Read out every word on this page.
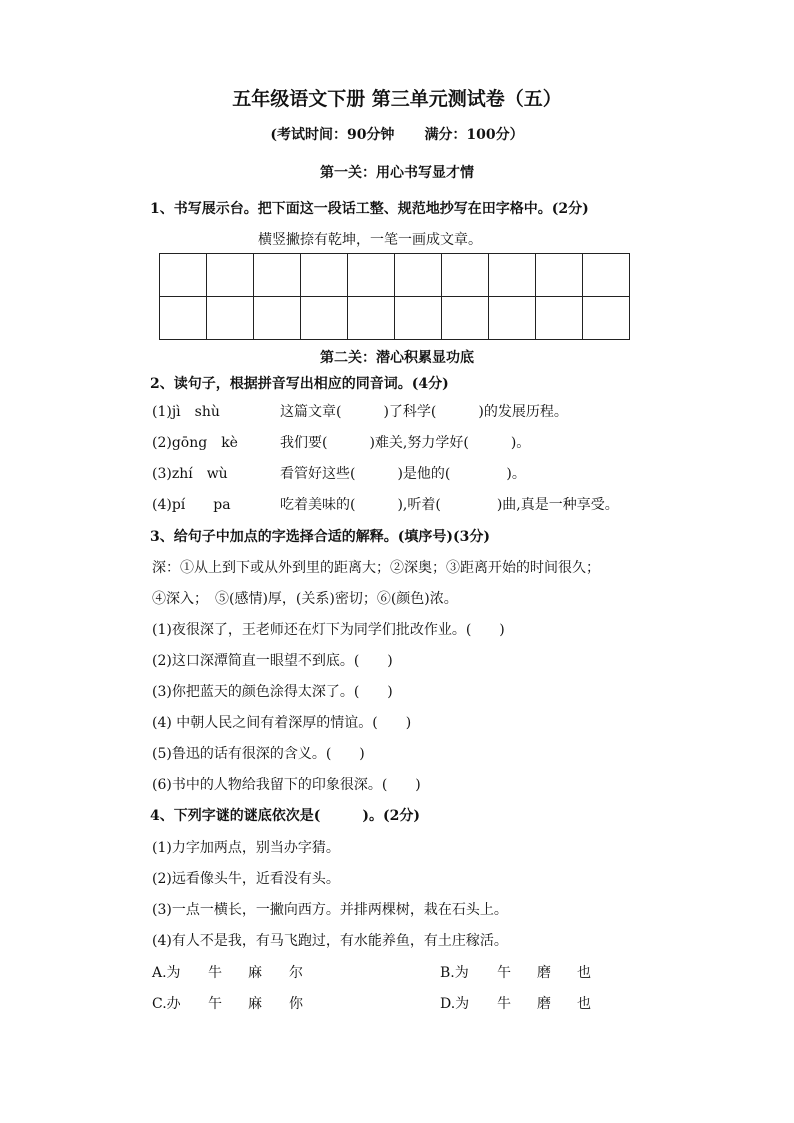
五年级语文下册 第三单元测试卷（五）
(考试时间：90分钟 满分：100分）
第一关：用心书写显才情
1、书写展示台。把下面这一段话工整、规范地抄写在田字格中。(2分)
横竖撇捺有乾坤，一笔一画成文章。

第二关：潜心积累显功底
2、读句子，根据拼音写出相应的同音词。(4分)
(1)jì　shù	这篇文章(　　　)了科学(　　　)的发展历程。
(2)gōng　kè	我们要(　　　)难关,努力学好(　　　)。
(3)zhí　wù	看管好这些(　　　)是他的(　　　　)。
(4)pí　　pa	吃着美味的(　　　),听着(　　　　)曲,真是一种享受。
3、给句子中加点的字选择合适的解释。(填序号)(3分)
深：①从上到下或从外到里的距离大；②深奥；③距离开始的时间很久；
④深入；　⑤(感情)厚，(关系)密切；⑥(颜色)浓。
(1)夜很深了，王老师还在灯下为同学们批改作业。(　　)
(2)这口深潭简直一眼望不到底。(　　)
(3)你把蓝天的颜色涂得太深了。(　　)
(4) 中朝人民之间有着深厚的情谊。(　　)
(5)鲁迅的话有很深的含义。(　　)
(6)书中的人物给我留下的印象很深。(　　)
4、下列字谜的谜底依次是(　　　)。(2分)
(1)力字加两点，别当办字猜。
(2)远看像头牛，近看没有头。
(3)一点一横长，一撇向西方。并排两棵树，栽在石头上。
(4)有人不是我，有马飞跑过，有水能养鱼，有土庄稼活。
A.为 牛 麻 尔	B.为 午 磨 也
C.办 午 麻 你	D.为 牛 磨 也
